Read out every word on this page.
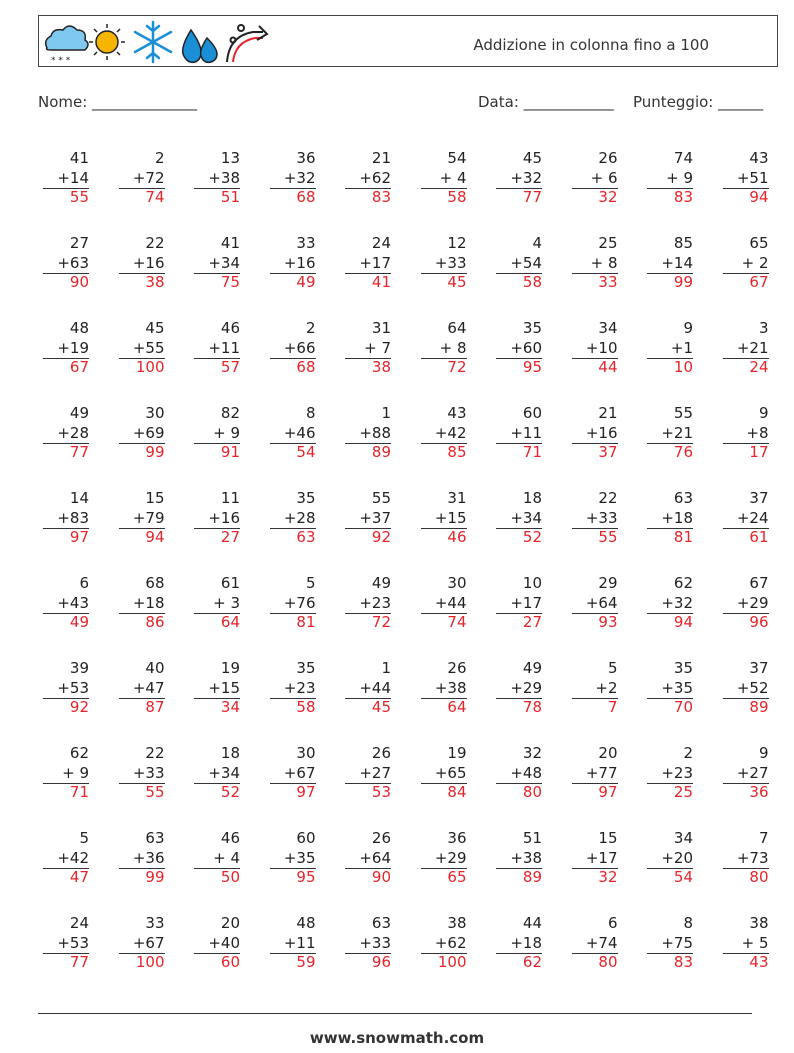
* * *
Addizione in colonna fino a 100
Nome: ______________	Data: ____________ Punteggio: ______
41
+14
55
2
+72
74
13
+38
51
36
+32
68
21
+62
83
54
+ 4
58
45
+32
77
26
+ 6
32
74
+ 9
83
43
+51
94
27
+63
90
22
+16
38
41
+34
75
33
+16
49
24
+17
41
12
+33
45
4
+54
58
25
+ 8
33
85
+14
99
65
+ 2
67
48
+19
67
45
+55
100
46
+11
57
2
+66
68
31
+ 7
38
64
+ 8
72
35
+60
95
34
+10
44
9
+1
10
3
+21
24
49
+28
77
30
+69
99
82
+ 9
91
8
+46
54
1
+88
89
43
+42
85
60
+11
71
21
+16
37
55
+21
76
9
+8
17
14
+83
97
15
+79
94
11
+16
27
35
+28
63
55
+37
92
31
+15
46
18
+34
52
22
+33
55
63
+18
81
37
+24
61
6
+43
49
68
+18
86
61
+ 3
64
5
+76
81
49
+23
72
30
+44
74
10
+17
27
29
+64
93
62
+32
94
67
+29
96
39
+53
92
40
+47
87
19
+15
34
35
+23
58
1
+44
45
26
+38
64
49
+29
78
5
+2
7
35
+35
70
37
+52
89
62
+ 9
71
22
+33
55
18
+34
52
30
+67
97
26
+27
53
19
+65
84
32
+48
80
20
+77
97
2
+23
25
9
+27
36
5
+42
47
63
+36
99
46
+ 4
50
60
+35
95
26
+64
90
36
+29
65
51
+38
89
15
+17
32
34
+20
54
7
+73
80
24
+53
77
33
+67
100
20
+40
60
48
+11
59
63
+33
96
38
+62
100
44
+18
62
6
+74
80
8
+75
83
38
+ 5
43
www.snowmath.com
